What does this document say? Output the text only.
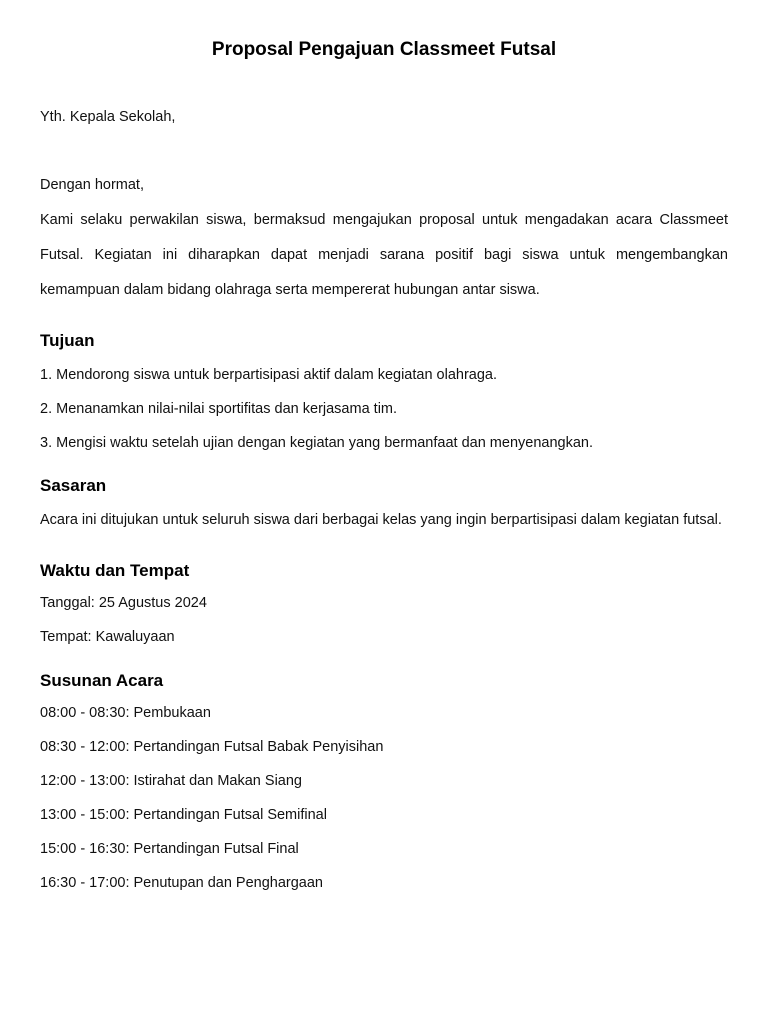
Proposal Pengajuan Classmeet Futsal

Yth. Kepala Sekolah,

Dengan hormat,

Kami selaku perwakilan siswa, bermaksud mengajukan proposal untuk mengadakan acara Classmeet Futsal. Kegiatan ini diharapkan dapat menjadi sarana positif bagi siswa untuk mengembangkan kemampuan dalam bidang olahraga serta mempererat hubungan antar siswa.

Tujuan

1. Mendorong siswa untuk berpartisipasi aktif dalam kegiatan olahraga.

2. Menanamkan nilai-nilai sportifitas dan kerjasama tim.

3. Mengisi waktu setelah ujian dengan kegiatan yang bermanfaat dan menyenangkan.

Sasaran

Acara ini ditujukan untuk seluruh siswa dari berbagai kelas yang ingin berpartisipasi dalam kegiatan futsal.

Waktu dan Tempat

Tanggal: 25 Agustus 2024

Tempat: Kawaluyaan

Susunan Acara

08:00 - 08:30: Pembukaan

08:30 - 12:00: Pertandingan Futsal Babak Penyisihan

12:00 - 13:00: Istirahat dan Makan Siang

13:00 - 15:00: Pertandingan Futsal Semifinal

15:00 - 16:30: Pertandingan Futsal Final

16:30 - 17:00: Penutupan dan Penghargaan
